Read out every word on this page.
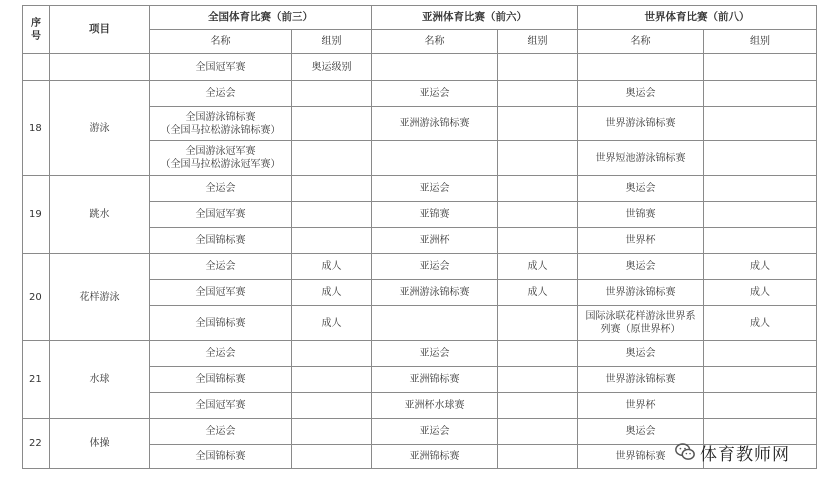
序号	项目	全国体育比赛（前三）		亚洲体育比赛（前六）		世界体育比赛（前八）	
		名称	组别	名称	组别	名称	组别
		全国冠军赛	奥运级别				
18	游泳	全运会		亚运会		奥运会	

		全国游泳锦标赛
（全国马拉松游泳锦标赛）		亚洲游泳锦标赛		世界游泳锦标赛	

		全国游泳冠军赛
（全国马拉松游泳冠军赛）				世界短池游泳锦标赛	
19	跳水	全运会		亚运会		奥运会	
		全国冠军赛		亚锦赛		世锦赛	
		全国锦标赛		亚洲杯		世界杯	
20	花样游泳	全运会	成人	亚运会	成人	奥运会	成人
		全国冠军赛	成人	亚洲游泳锦标赛	成人	世界游泳锦标赛	成人
		全国锦标赛	成人			国际泳联花样游泳世界系
列赛（原世界杯）	成人
21	水球	全运会		亚运会		奥运会	
		全国锦标赛		亚洲锦标赛		世界游泳锦标赛	
		全国冠军赛		亚洲杯水球赛		世界杯	
22	体操	全运会		亚运会		奥运会	
		全国锦标赛		亚洲锦标赛		世界锦标赛	体育教师网
